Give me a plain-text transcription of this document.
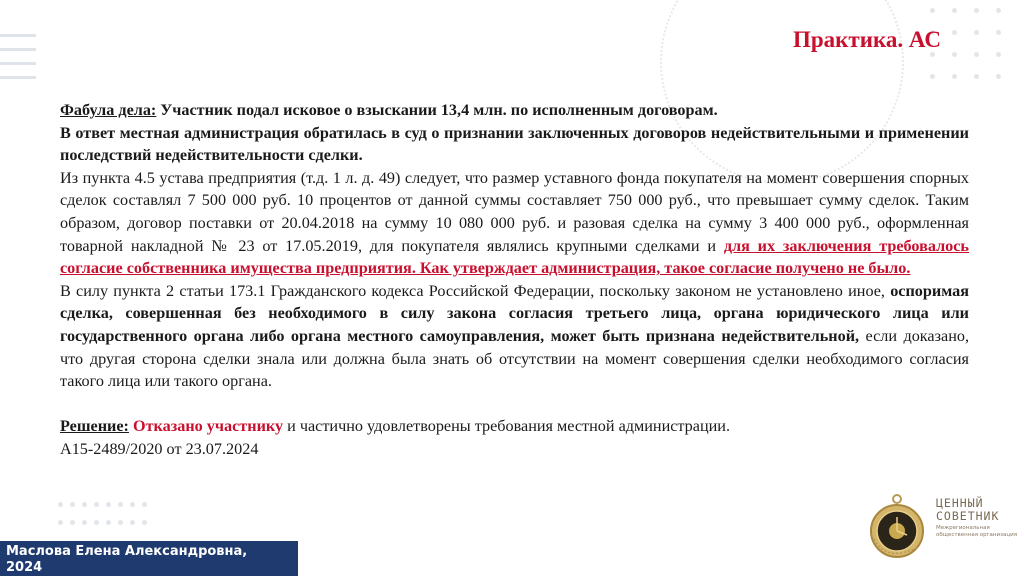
Практика. АС

Фабула дела: Участник подал исковое о взыскании 13,4 млн. по исполненным договорам.

В ответ местная администрация обратилась в суд о признании заключенных договоров недействительными и применении последствий недействительности сделки.

Из пункта 4.5 устава предприятия (т.д. 1 л. д. 49) следует, что размер уставного фонда покупателя на момент совершения спорных сделок составлял 7 500 000 руб. 10 процентов от данной суммы составляет 750 000 руб., что превышает сумму сделок. Таким образом, договор поставки от 20.04.2018 на сумму 10 080 000 руб. и разовая сделка на сумму 3 400 000 руб., оформленная товарной накладной № 23 от 17.05.2019, для покупателя являлись крупными сделками и для их заключения требовалось согласие собственника имущества предприятия. Как утверждает администрация, такое согласие получено не было.

В силу пункта 2 статьи 173.1 Гражданского кодекса Российской Федерации, поскольку законом не установлено иное, оспоримая сделка, совершенная без необходимого в силу закона согласия третьего лица, органа юридического лица или государственного органа либо органа местного самоуправления, может быть признана недействительной, если доказано, что другая сторона сделки знала или должна была знать об отсутствии на момент совершения сделки необходимого согласия такого лица или такого органа.

Решение: Отказано участнику и частично удовлетворены требования местной администрации.

А15-2489/2020 от 23.07.2024

Маслова Елена Александровна,
2024
ЦЕННЫЙ
СОВЕТНИК
Межрегиональная общественная организация
